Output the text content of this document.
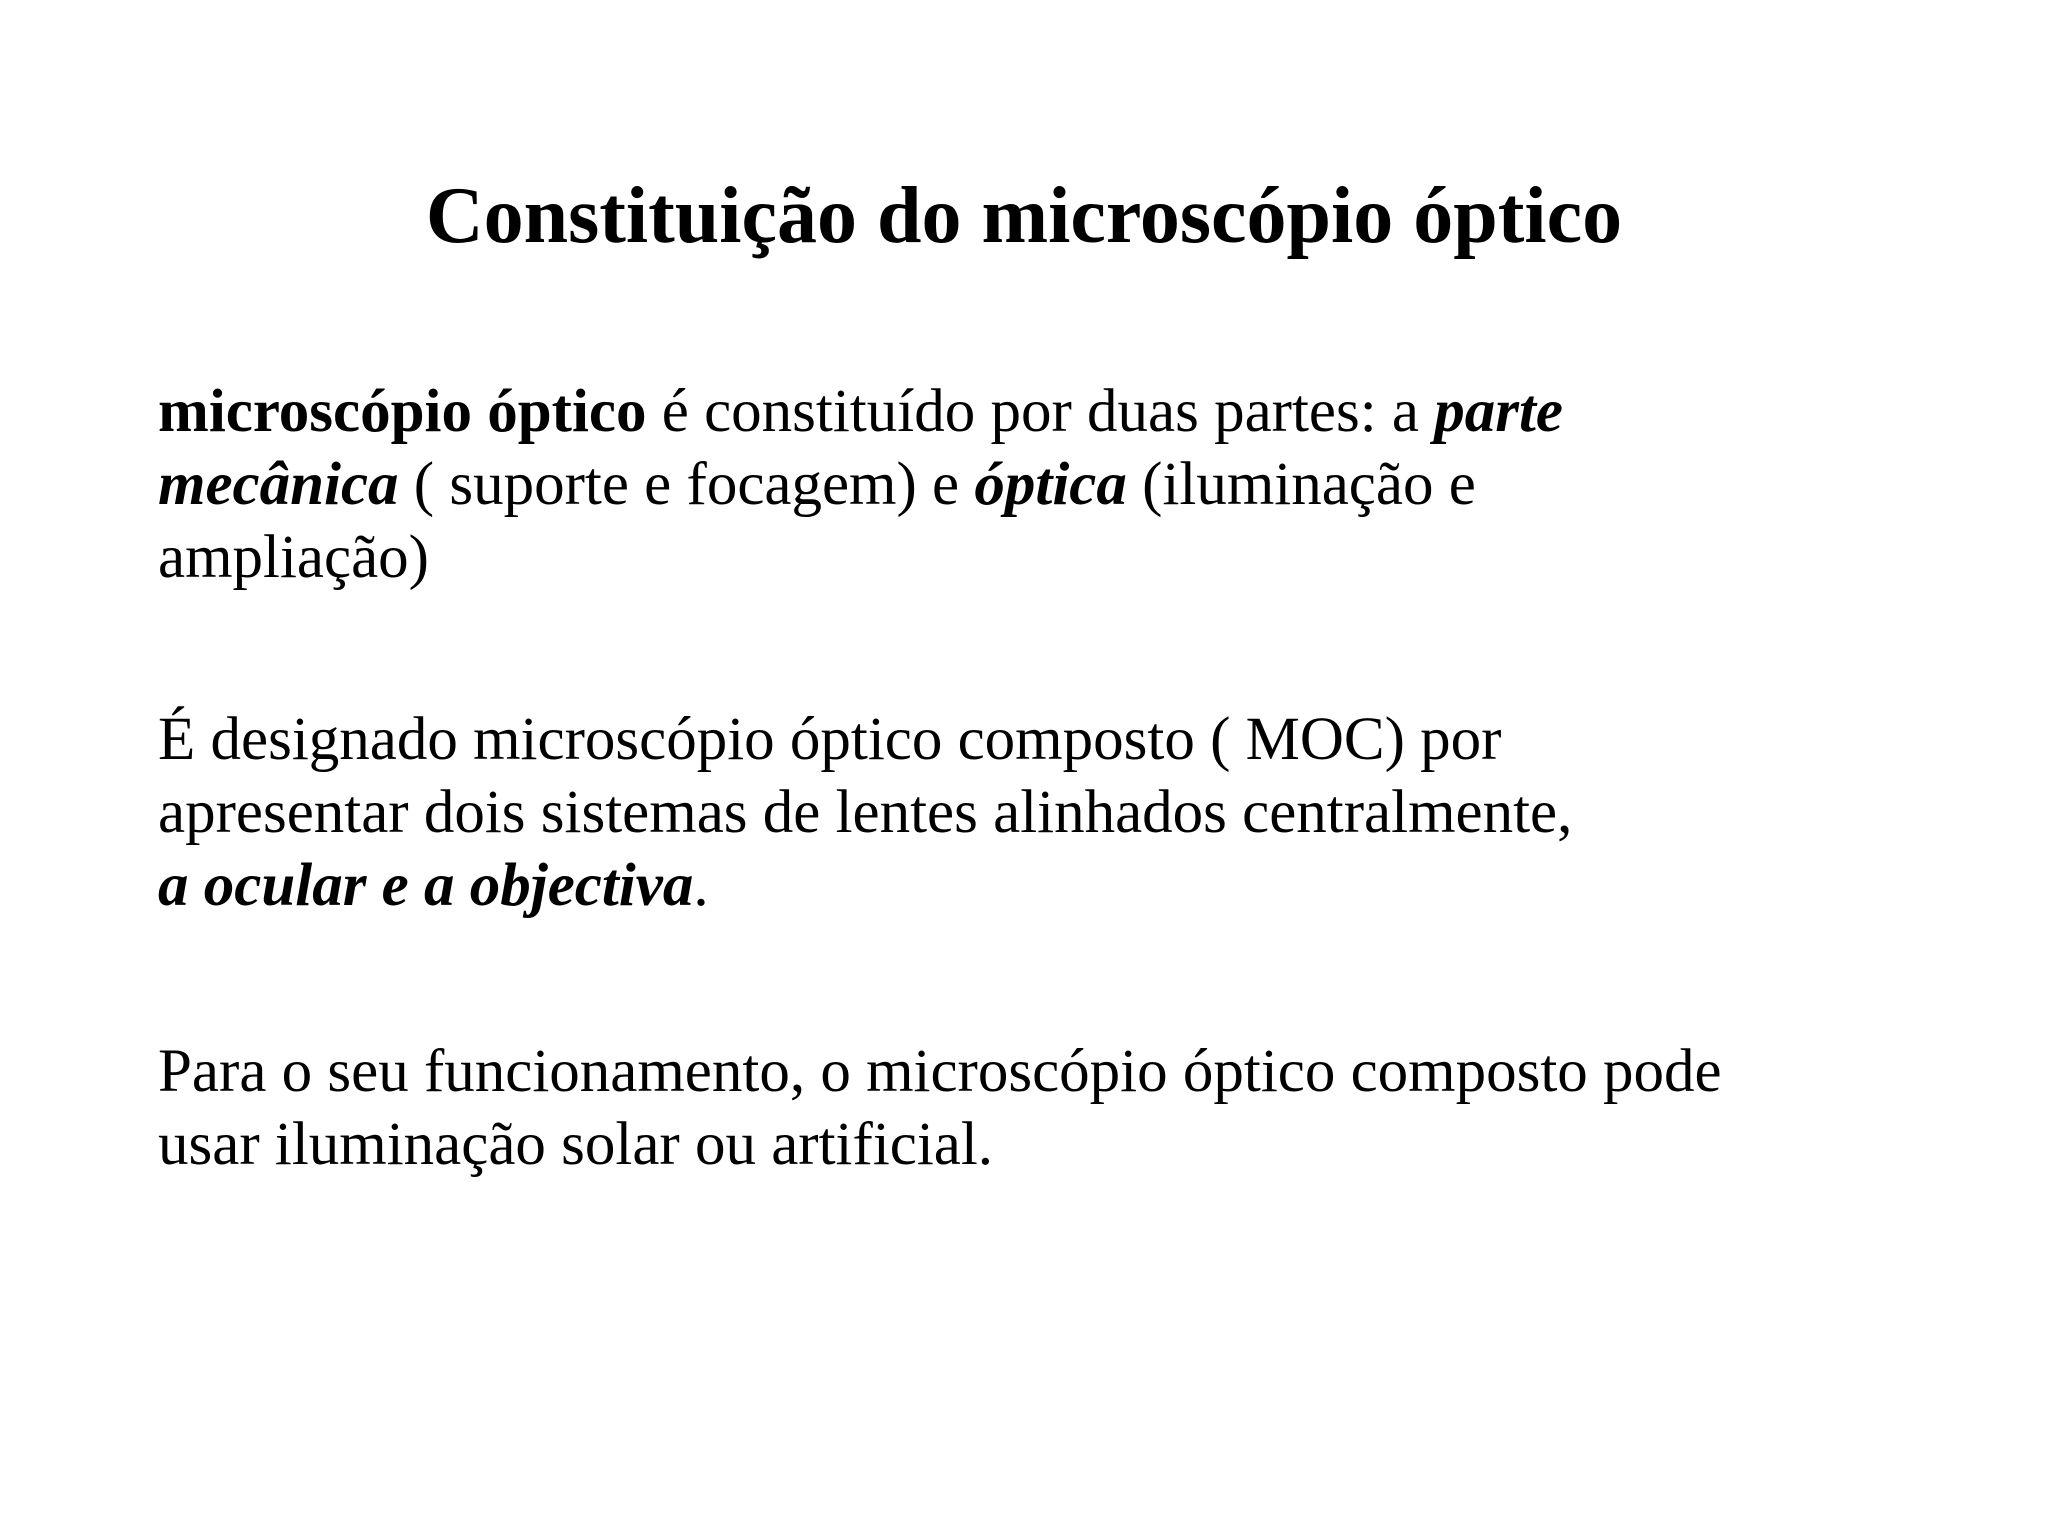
Constituição do microscópio óptico

microscópio óptico é constituído por duas partes: a parte
mecânica ( suporte e focagem) e óptica (iluminação e
ampliação)

É designado microscópio óptico composto ( MOC) por
apresentar dois sistemas de lentes alinhados centralmente,
a ocular e a objectiva.

Para o seu funcionamento, o microscópio óptico composto pode
usar iluminação solar ou artificial.
